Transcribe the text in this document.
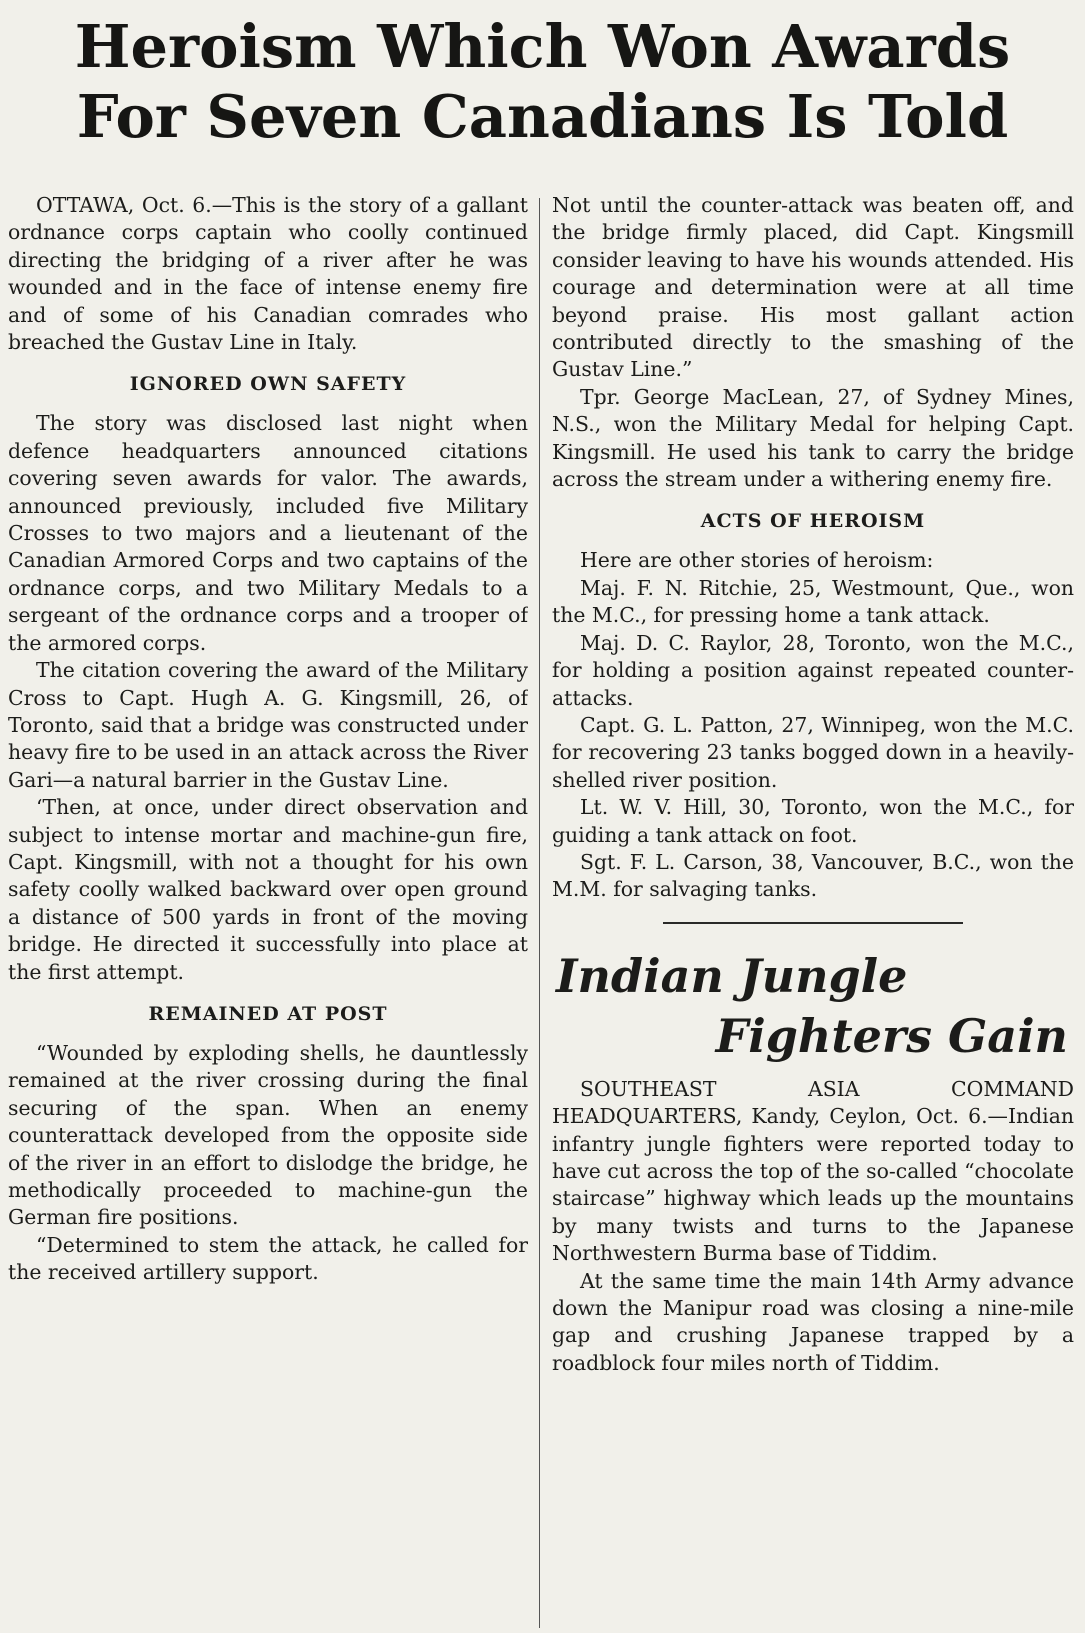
Heroism Which Won Awards
For Seven Canadians Is Told

OTTAWA, Oct. 6.—This is the story of a gallant ordnance corps captain who coolly continued directing the bridging of a river after he was wounded and in the face of intense enemy fire and of some of his Canadian comrades who breached the Gustav Line in Italy.

IGNORED OWN SAFETY

The story was disclosed last night when defence headquarters announced citations covering seven awards for valor. The awards, announced previously, included five Military Crosses to two majors and a lieutenant of the Canadian Armored Corps and two captains of the ordnance corps, and two Military Medals to a sergeant of the ordnance corps and a trooper of the armored corps.

The citation covering the award of the Military Cross to Capt. Hugh A. G. Kingsmill, 26, of Toronto, said that a bridge was constructed under heavy fire to be used in an attack across the River Gari—a natural barrier in the Gustav Line.

‘Then, at once, under direct observation and subject to intense mortar and machine-gun fire, Capt. Kingsmill, with not a thought for his own safety coolly walked backward over open ground a distance of 500 yards in front of the moving bridge. He directed it successfully into place at the first attempt.

REMAINED AT POST

“Wounded by exploding shells, he dauntlessly remained at the river crossing during the final securing of the span. When an enemy counterattack developed from the opposite side of the river in an effort to dislodge the bridge, he methodically proceeded to machine-gun the German fire positions.

“Determined to stem the attack, he called for the received artillery support.

Not until the counter-attack was beaten off, and the bridge firmly placed, did Capt. Kingsmill consider leaving to have his wounds attended. His courage and determination were at all time beyond praise. His most gallant action contributed directly to the smashing of the Gustav Line.”

Tpr. George MacLean, 27, of Sydney Mines, N.S., won the Military Medal for helping Capt. Kingsmill. He used his tank to carry the bridge across the stream under a withering enemy fire.

ACTS OF HEROISM

Here are other stories of heroism:

Maj. F. N. Ritchie, 25, Westmount, Que., won the M.C., for pressing home a tank attack.

Maj. D. C. Raylor, 28, Toronto, won the M.C., for holding a position against repeated counter-attacks.

Capt. G. L. Patton, 27, Winnipeg, won the M.C. for recovering 23 tanks bogged down in a heavily-shelled river position.

Lt. W. V. Hill, 30, Toronto, won the M.C., for guiding a tank attack on foot.

Sgt. F. L. Carson, 38, Vancouver, B.C., won the M.M. for salvaging tanks.

Indian Jungle
Fighters Gain

SOUTHEAST ASIA COMMAND HEADQUARTERS, Kandy, Ceylon, Oct. 6.—Indian infantry jungle fighters were reported today to have cut across the top of the so-called “chocolate staircase” highway which leads up the mountains by many twists and turns to the Japanese Northwestern Burma base of Tiddim.

At the same time the main 14th Army advance down the Manipur road was closing a nine-mile gap and crushing Japanese trapped by a roadblock four miles north of Tiddim.
